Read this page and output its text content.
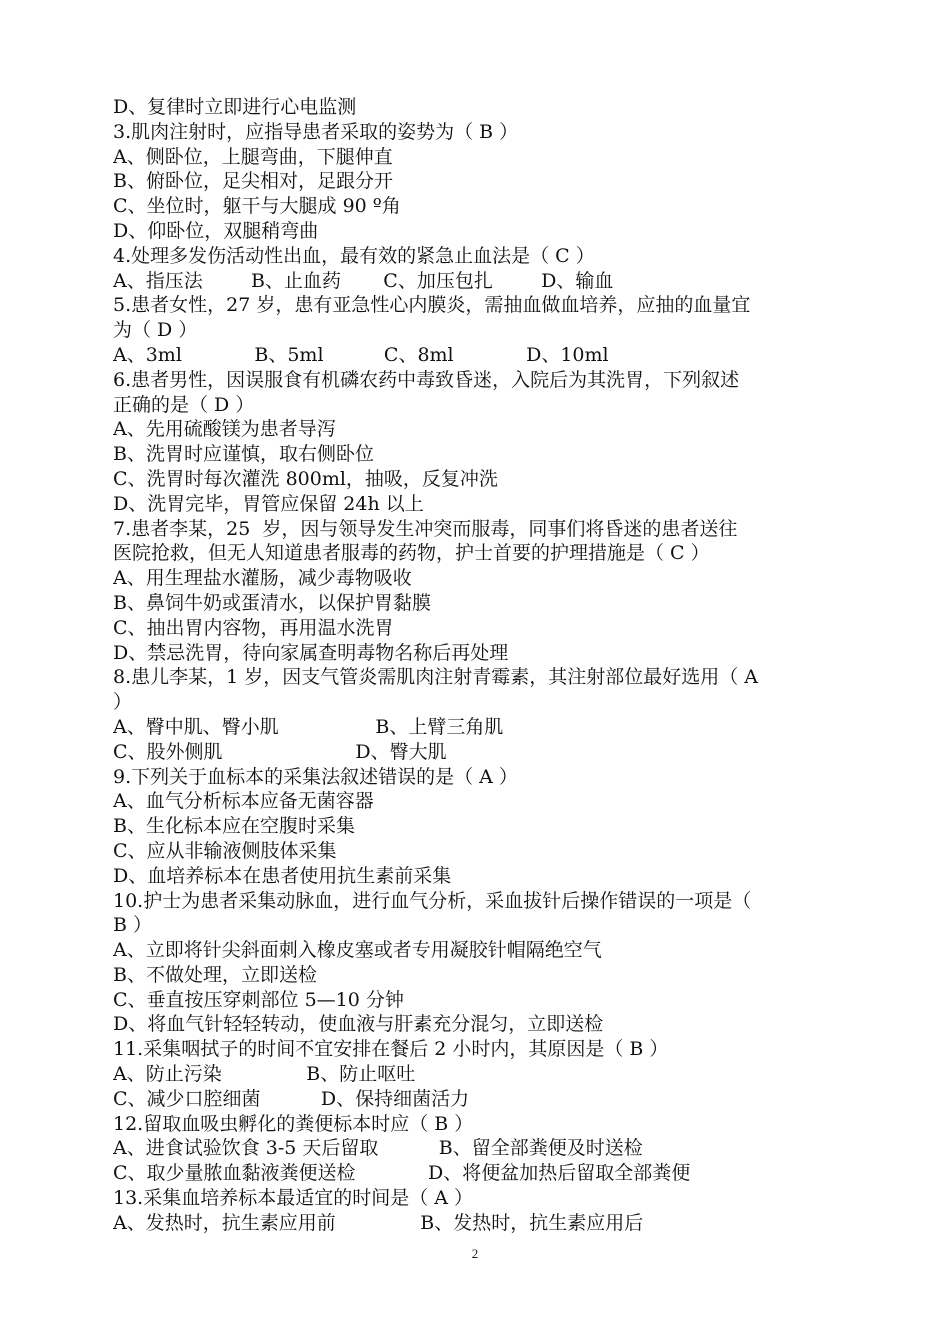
D、复律时立即进行心电监测
3.肌肉注射时，应指导患者采取的姿势为（ B ）
A、侧卧位，上腿弯曲，下腿伸直
B、俯卧位，足尖相对，足跟分开
C、坐位时，躯干与大腿成 90 º角
D、仰卧位，双腿稍弯曲
4.处理多发伤活动性出血，最有效的紧急止血法是（ C ）
A、指压法        B、止血药       C、加压包扎        D、输血
5.患者女性，27 岁，患有亚急性心内膜炎，需抽血做血培养，应抽的血量宜
为（ D ）
A、3ml            B、5ml          C、8ml            D、10ml
6.患者男性，因误服食有机磷农药中毒致昏迷，入院后为其洗胃，下列叙述
正确的是（ D ）
A、先用硫酸镁为患者导泻
B、洗胃时应谨慎，取右侧卧位
C、洗胃时每次灌洗 800ml，抽吸，反复冲洗
D、洗胃完毕，胃管应保留 24h 以上
7.患者李某，25  岁，因与领导发生冲突而服毒，同事们将昏迷的患者送往
医院抢救，但无人知道患者服毒的药物，护士首要的护理措施是（ C ）
A、用生理盐水灌肠，减少毒物吸收
B、鼻饲牛奶或蛋清水，以保护胃黏膜
C、抽出胃内容物，再用温水洗胃
D、禁忌洗胃，待向家属查明毒物名称后再处理
8.患儿李某，1 岁，因支气管炎需肌肉注射青霉素，其注射部位最好选用（ A
）
A、臀中肌、臀小肌                B、上臂三角肌
C、股外侧肌                      D、臀大肌
9.下列关于血标本的采集法叙述错误的是（ A ）
A、血气分析标本应备无菌容器
B、生化标本应在空腹时采集
C、应从非输液侧肢体采集
D、血培养标本在患者使用抗生素前采集
10.护士为患者采集动脉血，进行血气分析，采血拔针后操作错误的一项是（
B ）
A、立即将针尖斜面刺入橡皮塞或者专用凝胶针帽隔绝空气
B、不做处理，立即送检
C、垂直按压穿刺部位 5—10 分钟
D、将血气针轻轻转动，使血液与肝素充分混匀，立即送检
11.采集咽拭子的时间不宜安排在餐后 2 小时内，其原因是（ B ）
A、防止污染              B、防止呕吐
C、减少口腔细菌          D、保持细菌活力
12.留取血吸虫孵化的粪便标本时应（ B ）
A、进食试验饮食 3-5 天后留取          B、留全部粪便及时送检
C、取少量脓血黏液粪便送检            D、将便盆加热后留取全部粪便
13.采集血培养标本最适宜的时间是（ A ）
A、发热时，抗生素应用前              B、发热时，抗生素应用后
2
